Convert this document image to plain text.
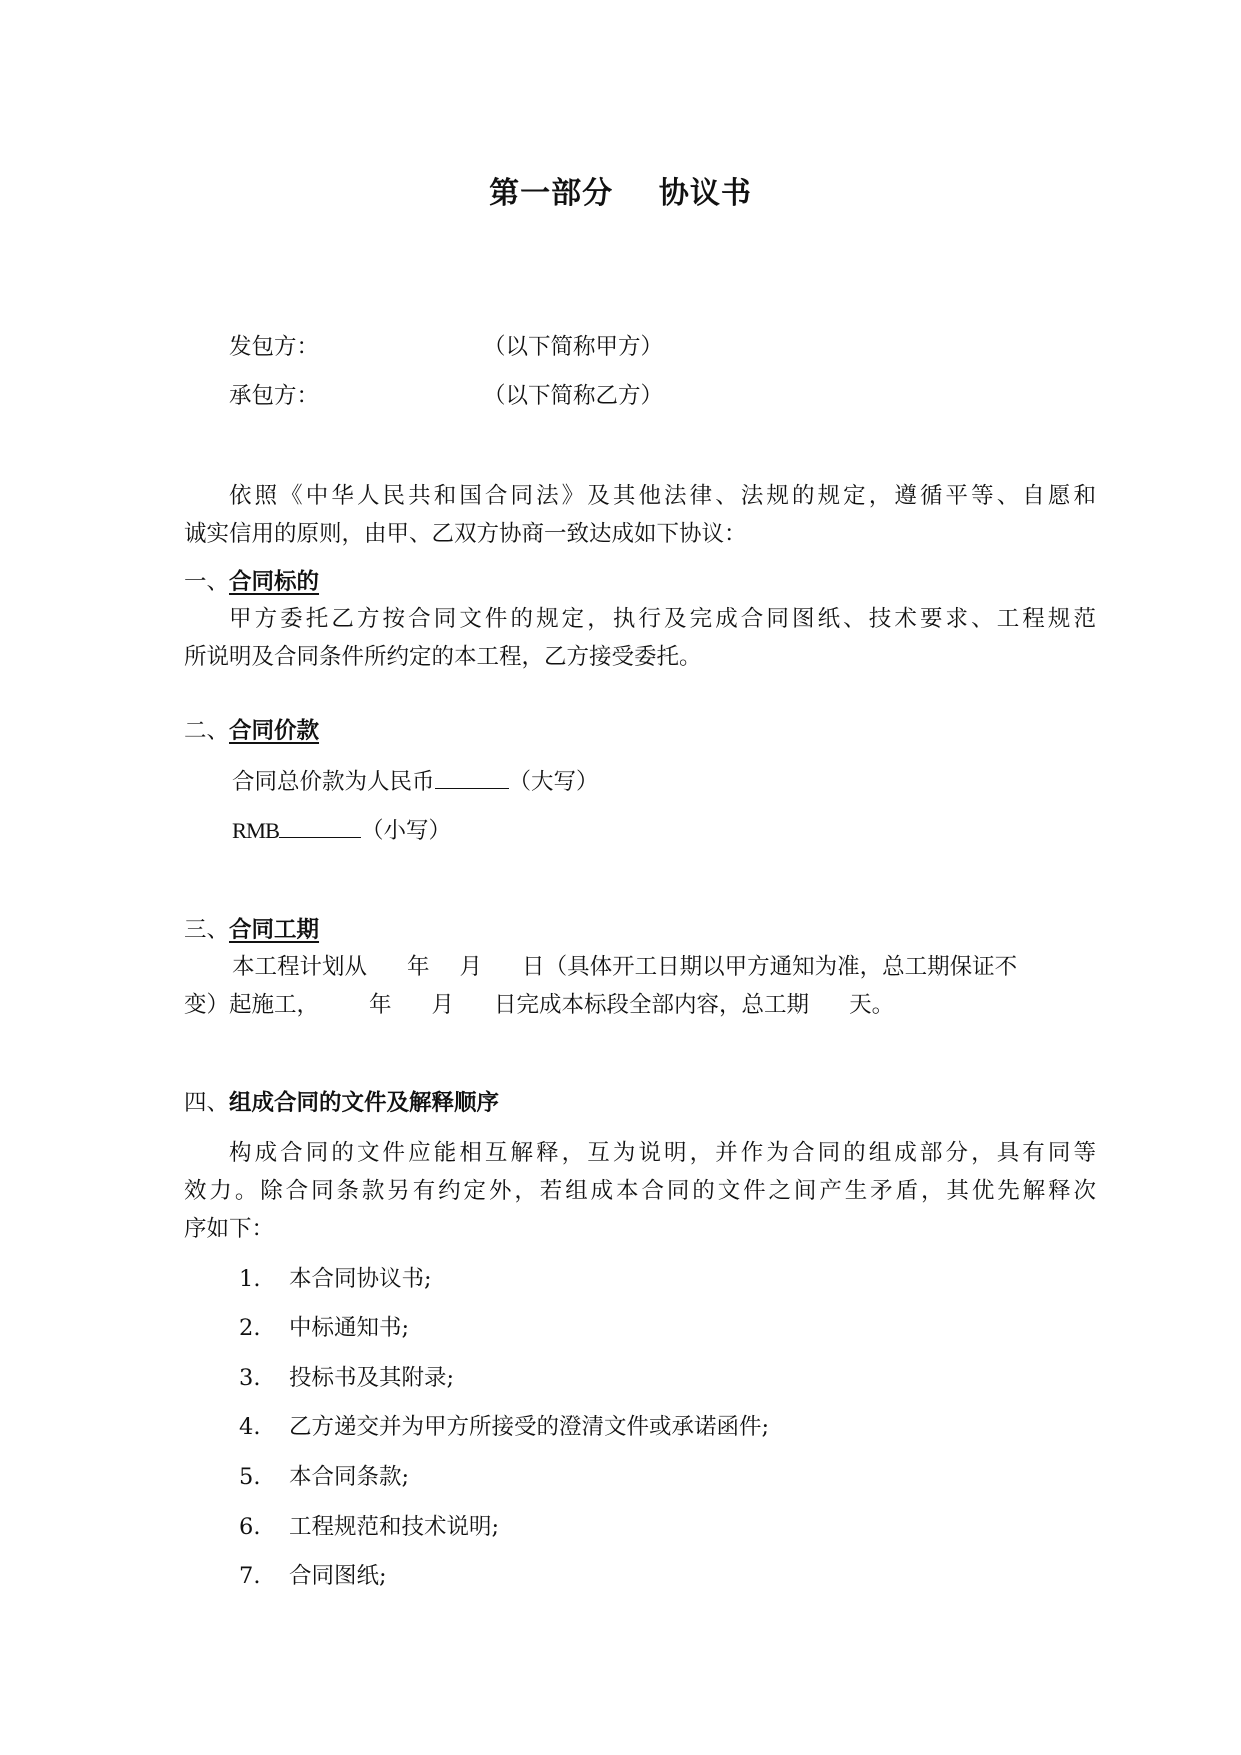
第一部分    协议书
发包方：	（以下简称甲方）
承包方：	（以下简称乙方）
依照《中华人民共和国合同法》及其他法律、法规的规定，遵循平等、自愿和
诚实信用的原则，由甲、乙双方协商一致达成如下协议：
一、合同标的
甲方委托乙方按合同文件的规定，执行及完成合同图纸、技术要求、工程规范
所说明及合同条件所约定的本工程，乙方接受委托。
二、合同价款
合同总价款为人民币	（大写）
RMB	（小写）
三、合同工期
本工程计划从 年 月 日（具体开工日期以甲方通知为准，总工期保证不
变）起施工， 年 月 日完成本标段全部内容，总工期 天。
四、组成合同的文件及解释顺序
构成合同的文件应能相互解释，互为说明，并作为合同的组成部分，具有同等
效力。除合同条款另有约定外，若组成本合同的文件之间产生矛盾，其优先解释次
序如下：
1. 本合同协议书;
2. 中标通知书;
3. 投标书及其附录;
4. 乙方递交并为甲方所接受的澄清文件或承诺函件;
5. 本合同条款;
6. 工程规范和技术说明;
7. 合同图纸;
